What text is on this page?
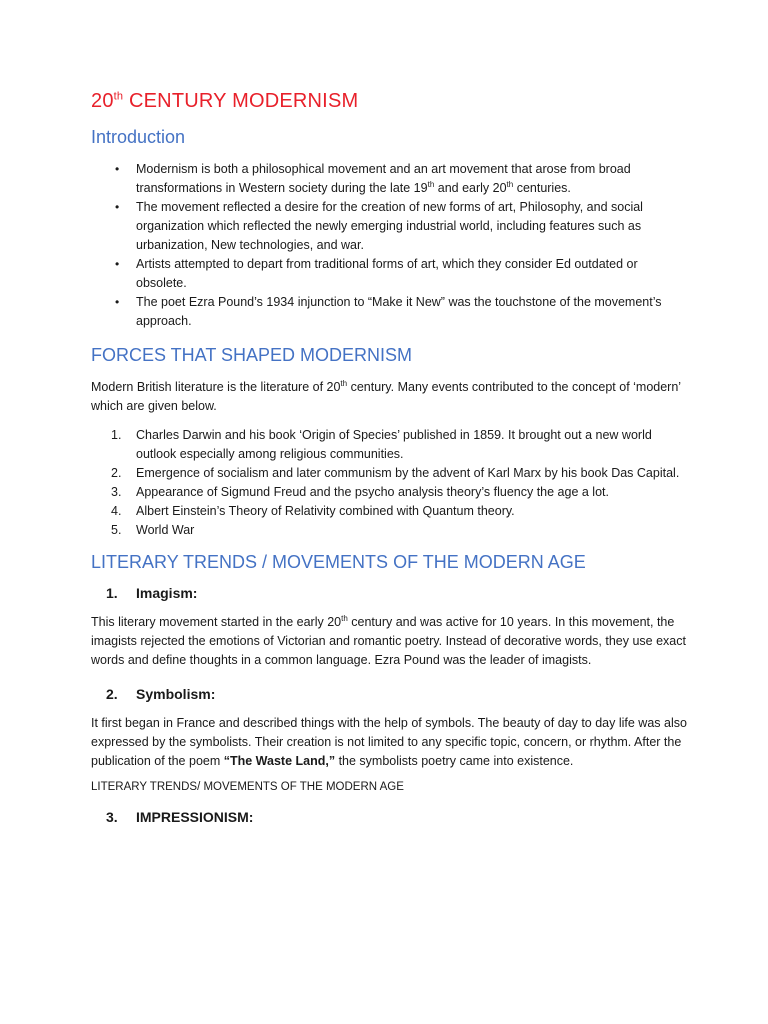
20th CENTURY MODERNISM
Introduction
• Modernism is both a philosophical movement and an art movement that arose from broad transformations in Western society during the late 19th and early 20th centuries.
• The movement reflected a desire for the creation of new forms of art, Philosophy, and social organization which reflected the newly emerging industrial world, including features such as urbanization, New technologies, and war.
• Artists attempted to depart from traditional forms of art, which they consider Ed outdated or obsolete.
• The poet Ezra Pound’s 1934 injunction to “Make it New” was the touchstone of the movement’s approach.
FORCES THAT SHAPED MODERNISM

Modern British literature is the literature of 20th century. Many events contributed to the concept of ‘modern’ which are given below.

1. Charles Darwin and his book ‘Origin of Species’ published in 1859. It brought out a new world outlook especially among religious communities.
2. Emergence of socialism and later communism by the advent of Karl Marx by his book Das Capital.
3. Appearance of Sigmund Freud and the psycho analysis theory’s fluency the age a lot.
4. Albert Einstein’s Theory of Relativity combined with Quantum theory.
5. World War
LITERARY TRENDS / MOVEMENTS OF THE MODERN AGE
1. Imagism:

This literary movement started in the early 20th century and was active for 10 years. In this movement, the imagists rejected the emotions of Victorian and romantic poetry. Instead of decorative words, they use exact words and define thoughts in a common language. Ezra Pound was the leader of imagists.

2. Symbolism:

It first began in France and described things with the help of symbols. The beauty of day to day life was also expressed by the symbolists. Their creation is not limited to any specific topic, concern, or rhythm. After the publication of the poem “The Waste Land,” the symbolists poetry came into existence.

LITERARY TRENDS/ MOVEMENTS OF THE MODERN AGE

3. IMPRESSIONISM:
